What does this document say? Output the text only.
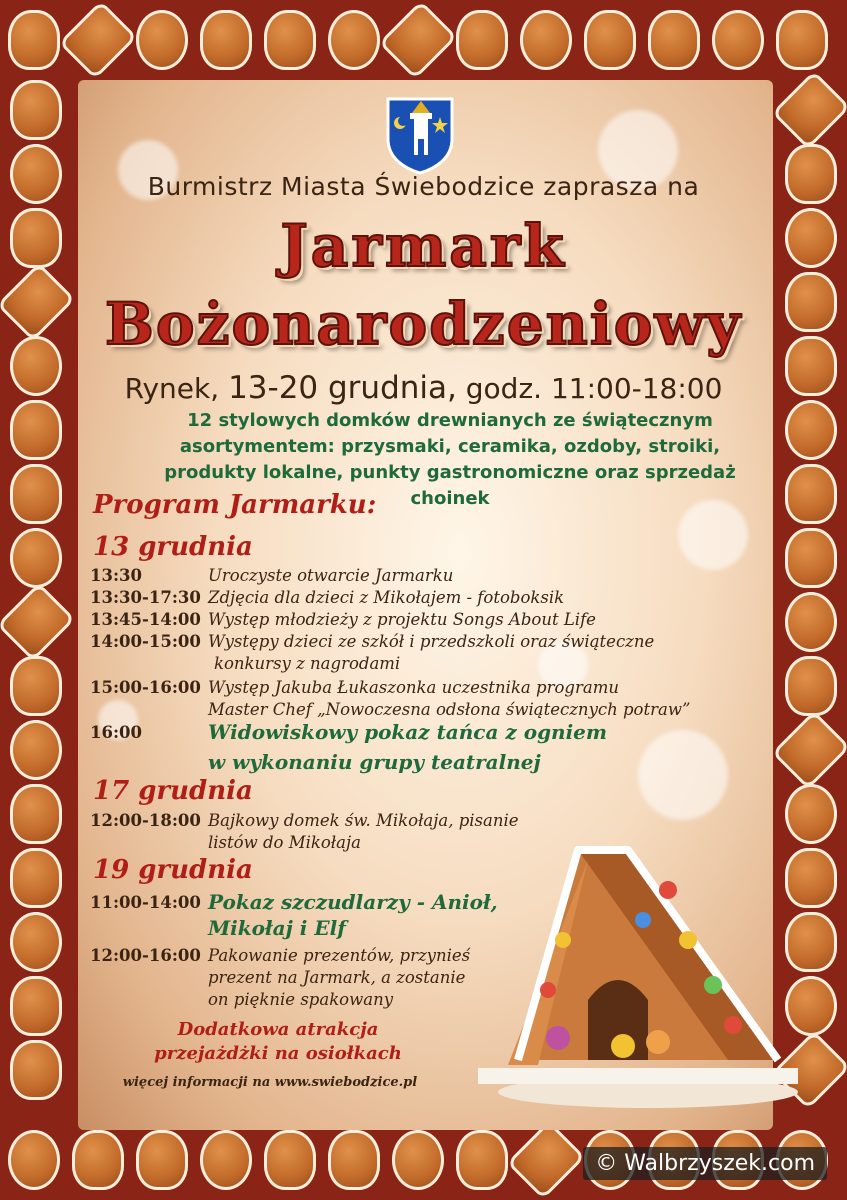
Burmistrz Miasta Świebodzice zaprasza na
Jarmark
Bożonarodzeniowy
Rynek, 13-20 grudnia, godz. 11:00-18:00
12 stylowych domków drewnianych ze świątecznym asortymentem: przysmaki, ceramika, ozdoby, stroiki, produkty lokalne, punkty gastronomiczne oraz sprzedaż choinek
Program Jarmarku:
13 grudnia
13:30	Uroczyste otwarcie Jarmarku
13:30-17:30 Zdjęcia dla dzieci z Mikołajem - fotoboksik
13:45-14:00 Występ młodzieży z projektu Songs About Life
14:00-15:00 Występy dzieci ze szkół i przedszkoli oraz świąteczne
konkursy z nagrodami
15:00-16:00 Występ Jakuba Łukaszonka uczestnika programu
Master Chef „Nowoczesna odsłona świątecznych potraw”
16:00	Widowiskowy pokaz tańca z ogniem
w wykonaniu grupy teatralnej
17 grudnia
12:00-18:00 Bajkowy domek św. Mikołaja, pisanie
listów do Mikołaja
19 grudnia
11:00-14:00 Pokaz szczudlarzy - Anioł,
Mikołaj i Elf
12:00-16:00 Pakowanie prezentów, przynieś
prezent na Jarmark, a zostanie
on pięknie spakowany
Dodatkowa atrakcja
przejażdżki na osiołkach
więcej informacji na www.swiebodzice.pl
© Walbrzyszek.com
